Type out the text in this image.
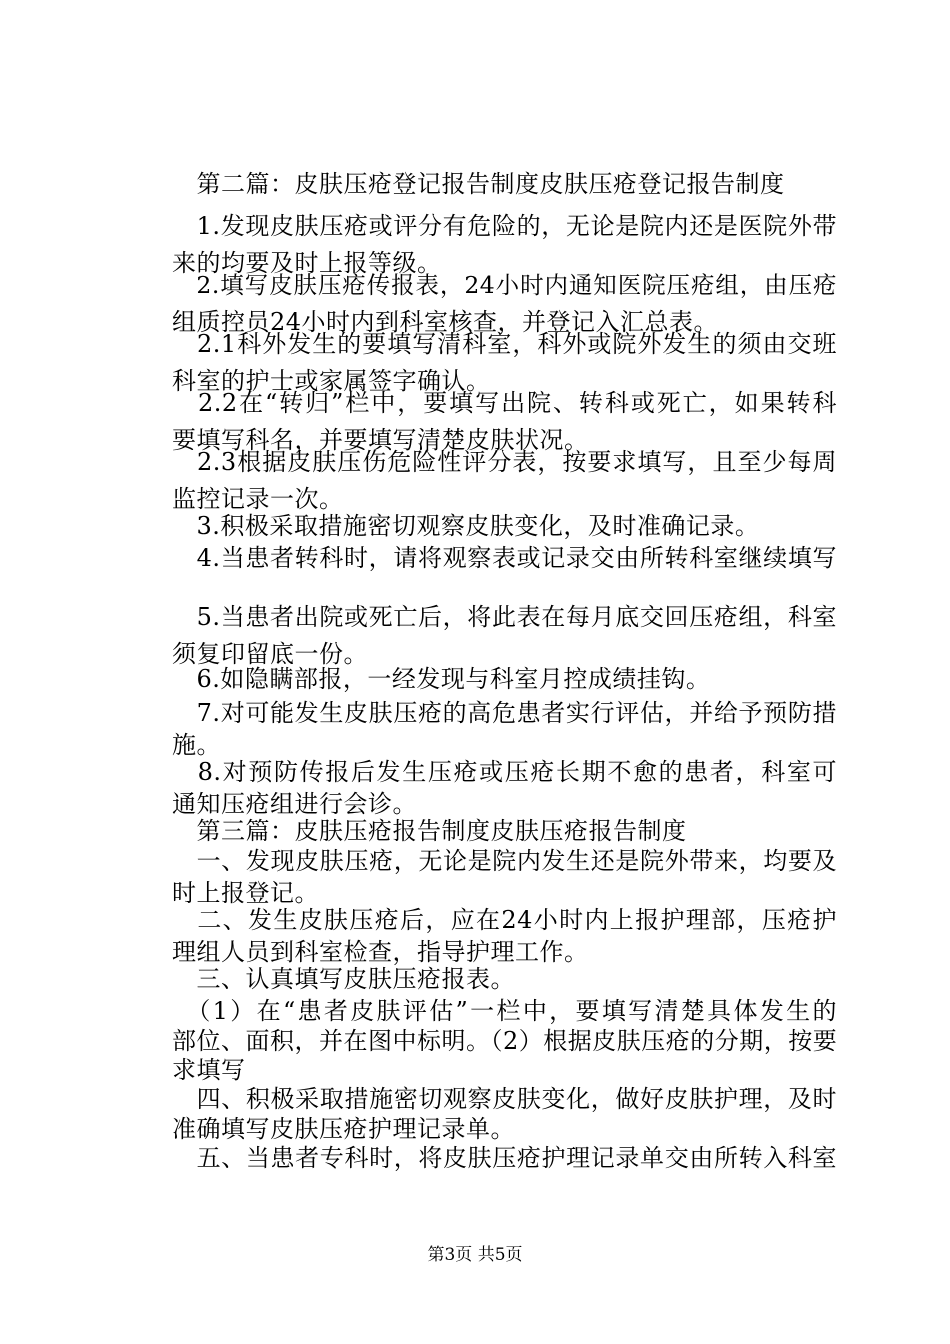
　第二篇：皮肤压疮登记报告制度皮肤压疮登记报告制度
　1.发现皮肤压疮或评分有危险的，无论是院内还是医院外带
来的均要及时上报等级。
　2.填写皮肤压疮传报表，24小时内通知医院压疮组，由压疮
组质控员24小时内到科室核查，并登记入汇总表。
　2.1科外发生的要填写清科室，科外或院外发生的须由交班
科室的护士或家属签字确认。
　2.2在“转归”栏中，要填写出院、转科或死亡，如果转科
要填写科名，并要填写清楚皮肤状况。
　2.3根据皮肤压伤危险性评分表，按要求填写，且至少每周
监控记录一次。
　3.积极采取措施密切观察皮肤变化，及时准确记录。
　4.当患者转科时，请将观察表或记录交由所转科室继续填写
　5.当患者出院或死亡后，将此表在每月底交回压疮组，科室
须复印留底一份。
　6.如隐瞒部报，一经发现与科室月控成绩挂钩。
　7.对可能发生皮肤压疮的高危患者实行评估，并给予预防措
施。
　8.对预防传报后发生压疮或压疮长期不愈的患者，科室可
通知压疮组进行会诊。
　第三篇：皮肤压疮报告制度皮肤压疮报告制度
　一、发现皮肤压疮，无论是院内发生还是院外带来，均要及
时上报登记。
　二、发生皮肤压疮后，应在24小时内上报护理部，压疮护
理组人员到科室检查，指导护理工作。
　三、认真填写皮肤压疮报表。
　（1）在“患者皮肤评估”一栏中，要填写清楚具体发生的
部位、面积，并在图中标明。（2）根据皮肤压疮的分期，按要
求填写
　四、积极采取措施密切观察皮肤变化，做好皮肤护理，及时
准确填写皮肤压疮护理记录单。
　五、当患者专科时，将皮肤压疮护理记录单交由所转入科室
第3页 共5页
